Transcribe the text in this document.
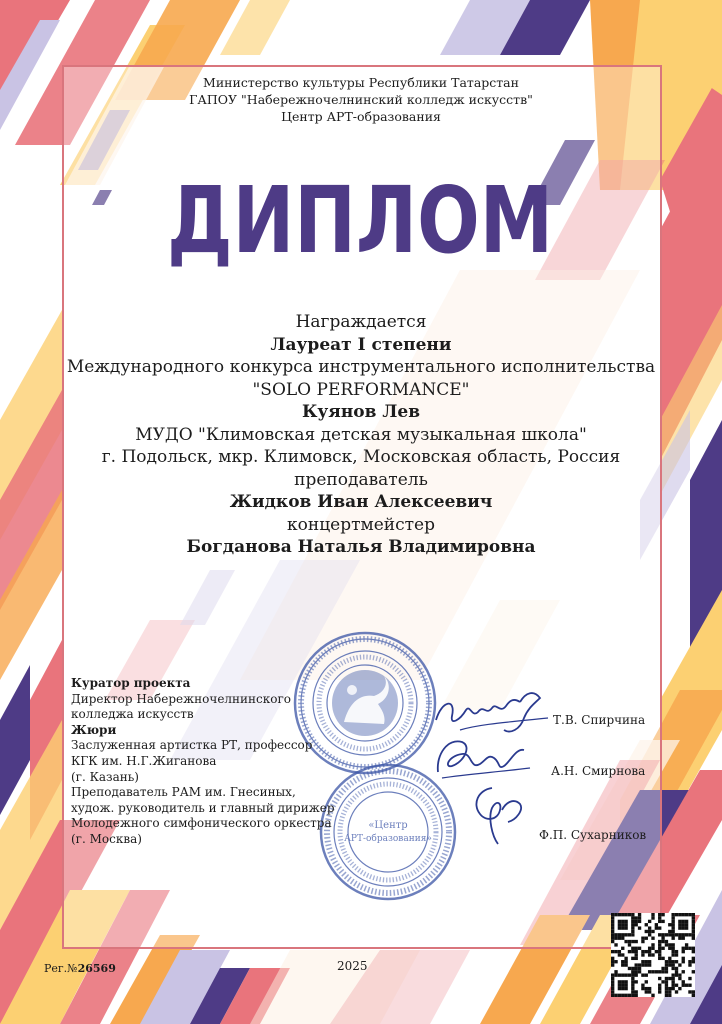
Министерство культуры Республики Татарстан
ГАПОУ "Набережночелнинский колледж искусств"
Центр АРТ-образования
ДИПЛОМ
Награждается
Лауреат I степени
Международного конкурса инструментального исполнительства
"SOLO PERFORMANCE"
Куянов Лев
МУДО "Климовская детская музыкальная школа"
г. Подольск, мкр. Климовск, Московская область, Россия
преподаватель
Жидков Иван Алексеевич
концертмейстер
Богданова Наталья Владимировна
«Центр
АРТ-образования»
Куратор проекта
Директор Набережночелнинского
колледжа искусств
Жюри
Заслуженная артистка РТ, профессор
КГК им. Н.Г.Жиганова
(г. Казань)
Преподаватель РАМ им. Гнесиных,
худож. руководитель и главный дирижер
Молодежного симфонического оркестра
(г. Москва)
Т.В. Спирчина
А.Н. Смирнова
Ф.П. Сухарников
Рег.№26569	2025
